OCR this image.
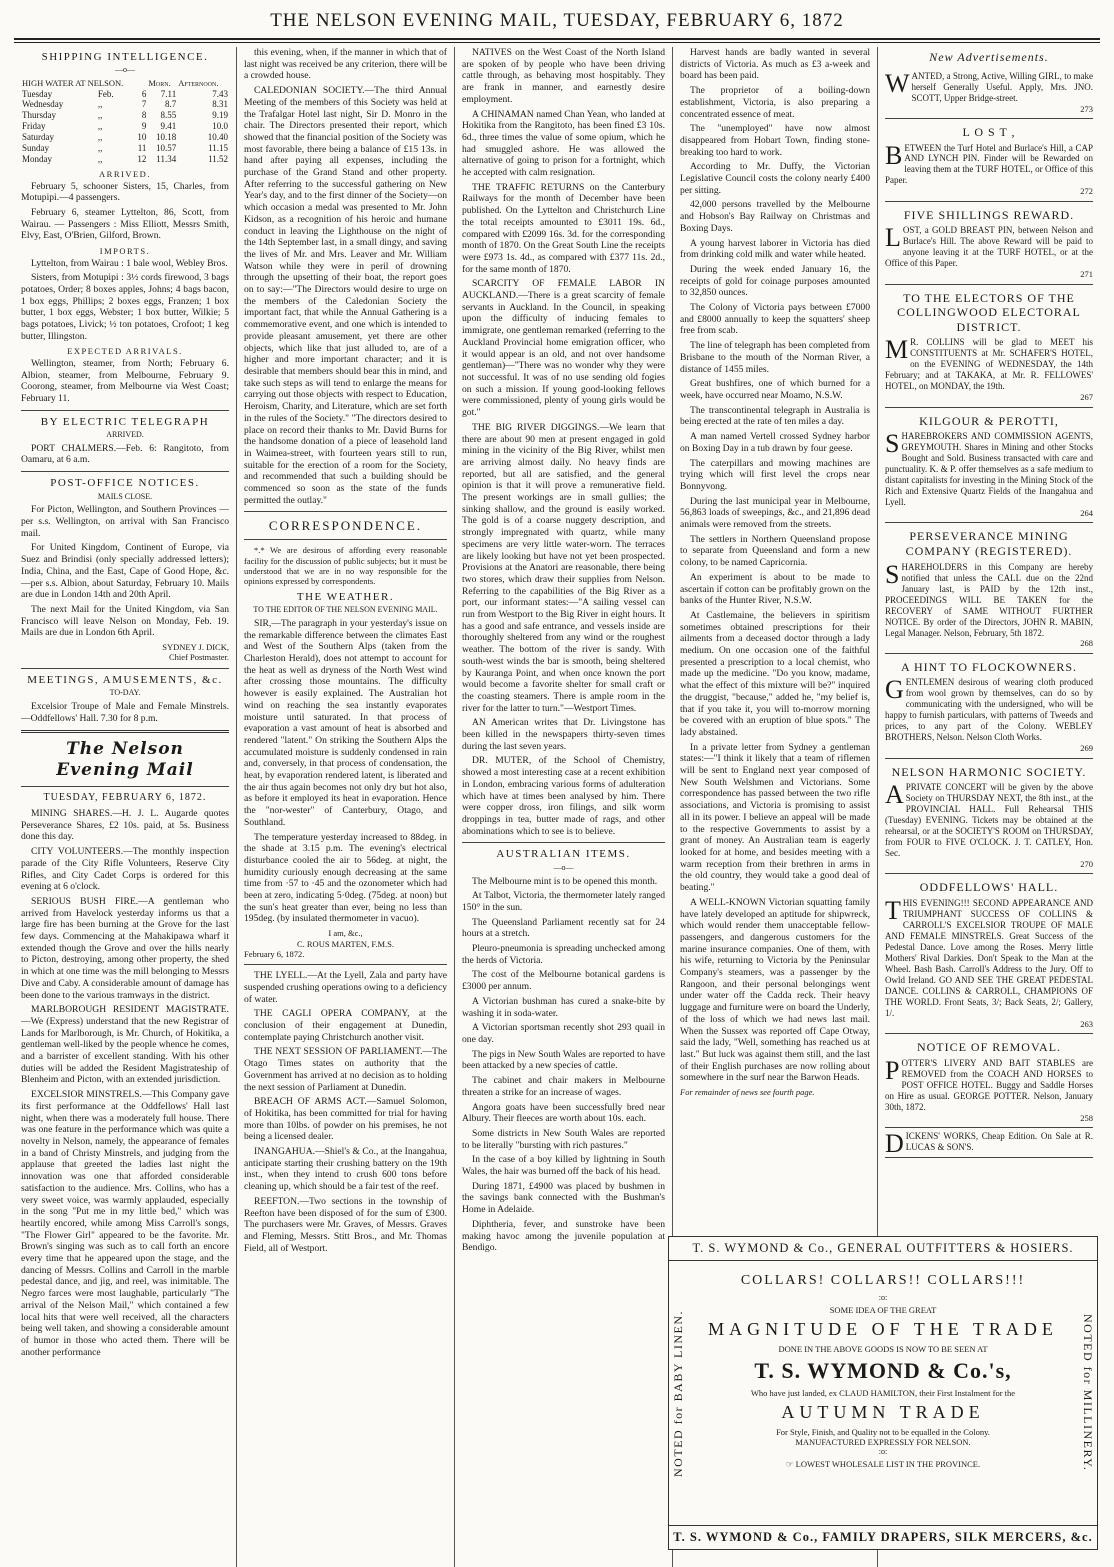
THE NELSON EVENING MAIL, TUESDAY, FEBRUARY 6, 1872
SHIPPING INTELLIGENCE.
—o—
HIGH WATER AT NELSON.			Morn.	Afternoon.
Tuesday	Feb.	6	7.11	7.43
Wednesday	,,	7	8.7	8.31
Thursday	,,	8	8.55	9.19
Friday	,,	9	9.41	10.0
Saturday	,,	10	10.18	10.40
Sunday	,,	11	10.57	11.15
Monday	,,	12	11.34	11.52
ARRIVED.

February 5, schooner Sisters, 15, Charles, from Motupipi.—4 passengers.

February 6, steamer Lyttelton, 86, Scott, from Wairau. — Passengers : Miss Elliott, Messrs Smith, Elvy, East, O'Brien, Gilford, Brown.

IMPORTS.

Lyttelton, from Wairau : 1 bale wool, Webley Bros.

Sisters, from Motupipi : 3½ cords firewood, 3 bags potatoes, Order; 8 boxes apples, Johns; 4 bags bacon, 1 box eggs, Phillips; 2 boxes eggs, Franzen; 1 box butter, 1 box eggs, Webster; 1 box butter, Wilkie; 5 bags potatoes, Livick; ½ ton potatoes, Crofoot; 1 keg butter, Illingston.

EXPECTED ARRIVALS.

Wellington, steamer, from North; February 6. Albion, steamer, from Melbourne, February 9. Coorong, steamer, from Melbourne via West Coast; February 11.

BY ELECTRIC TELEGRAPH
ARRIVED.

PORT CHALMERS.—Feb. 6: Rangitoto, from Oamaru, at 6 a.m.

POST-OFFICE NOTICES.
MAILS CLOSE.

For Picton, Wellington, and Southern Provinces —per s.s. Wellington, on arrival with San Francisco mail.

For United Kingdom, Continent of Europe, via Suez and Brindisi (only specially addressed letters); India, China, and the East, Cape of Good Hope, &c.—per s.s. Albion, about Saturday, February 10. Mails are due in London 14th and 20th April.

The next Mail for the United Kingdom, via San Francisco will leave Nelson on Monday, Feb. 19. Mails are due in London 6th April.

SYDNEY J. DICK,
Chief Postmaster.
MEETINGS, AMUSEMENTS, &c.
TO-DAY.

Excelsior Troupe of Male and Female Minstrels. —Oddfellows' Hall. 7.30 for 8 p.m.

The Nelson Evening Mail
TUESDAY, FEBRUARY 6, 1872.

MINING SHARES.—H. J. L. Augarde quotes Perseverance Shares, £2 10s. paid, at 5s. Business done this day.

CITY VOLUNTEERS.—The monthly inspection parade of the City Rifle Volunteers, Reserve City Rifles, and City Cadet Corps is ordered for this evening at 6 o'clock.

SERIOUS BUSH FIRE.—A gentleman who arrived from Havelock yesterday informs us that a large fire has been burning at the Grove for the last few days. Commencing at the Mahakipawa wharf it extended though the Grove and over the hills nearly to Picton, destroying, among other property, the shed in which at one time was the mill belonging to Messrs Dive and Caby. A considerable amount of damage has been done to the various tramways in the district.

MARLBOROUGH RESIDENT MAGISTRATE.—We (Express) understand that the new Registrar of Lands for Marlborough, is Mr. Church, of Hokitika, a gentleman well-liked by the people whence he comes, and a barrister of excellent standing. With his other duties will be added the Resident Magistrateship of Blenheim and Picton, with an extended jurisdiction.

EXCELSIOR MINSTRELS.—This Company gave its first performance at the Oddfellows' Hall last night, when there was a moderately full house. There was one feature in the performance which was quite a novelty in Nelson, namely, the appearance of females in a band of Christy Minstrels, and judging from the applause that greeted the ladies last night the innovation was one that afforded considerable satisfaction to the audience. Mrs. Collins, who has a very sweet voice, was warmly applauded, especially in the song "Put me in my little bed," which was heartily encored, while among Miss Carroll's songs, "The Flower Girl" appeared to be the favorite. Mr. Brown's singing was such as to call forth an encore every time that he appeared upon the stage, and the dancing of Messrs. Collins and Carroll in the marble pedestal dance, and jig, and reel, was inimitable. The Negro farces were most laughable, particularly "The arrival of the Nelson Mail," which contained a few local hits that were well received, all the characters being well taken, and showing a considerable amount of humor in those who acted them. There will be another performance

this evening, when, if the manner in which that of last night was received be any criterion, there will be a crowded house.

CALEDONIAN SOCIETY.—The third Annual Meeting of the members of this Society was held at the Trafalgar Hotel last night, Sir D. Monro in the chair. The Directors presented their report, which showed that the financial position of the Society was most favorable, there being a balance of £15 13s. in hand after paying all expenses, including the purchase of the Grand Stand and other property. After referring to the successful gathering on New Year's day, and to the first dinner of the Society—on which occasion a medal was presented to Mr. John Kidson, as a recognition of his heroic and humane conduct in leaving the Lighthouse on the night of the 14th September last, in a small dingy, and saving the lives of Mr. and Mrs. Leaver and Mr. William Watson while they were in peril of drowning through the upsetting of their boat, the report goes on to say:—"The Directors would desire to urge on the members of the Caledonian Society the important fact, that while the Annual Gathering is a commemorative event, and one which is intended to provide pleasant amusement, yet there are other objects, which like that just alluded to, are of a higher and more important character; and it is desirable that members should bear this in mind, and take such steps as will tend to enlarge the means for carrying out those objects with respect to Education, Heroism, Charity, and Literature, which are set forth in the rules of the Society." "The directors desired to place on record their thanks to Mr. David Burns for the handsome donation of a piece of leasehold land in Waimea-street, with fourteen years still to run, suitable for the erection of a room for the Society, and recommended that such a building should be commenced so soon as the state of the funds permitted the outlay."

CORRESPONDENCE.

*.* We are desirous of affording every reasonable facility for the discussion of public subjects; but it must be understood that we are in no way responsible for the opinions expressed by correspondents.

THE WEATHER.
TO THE EDITOR OF THE NELSON EVENING MAIL.

SIR,—The paragraph in your yesterday's issue on the remarkable difference between the climates East and West of the Southern Alps (taken from the Charleston Herald), does not attempt to account for the heat as well as dryness of the North West wind after crossing those mountains. The difficulty however is easily explained. The Australian hot wind on reaching the sea instantly evaporates moisture until saturated. In that process of evaporation a vast amount of heat is absorbed and rendered "latent." On striking the Southern Alps the accumulated moisture is suddenly condensed in rain and, conversely, in that process of condensation, the heat, by evaporation rendered latent, is liberated and the air thus again becomes not only dry but hot also, as before it employed its heat in evaporation. Hence the "nor-wester" of Canterbury, Otago, and Southland.

The temperature yesterday increased to 88deg. in the shade at 3.15 p.m. The evening's electrical disturbance cooled the air to 56deg. at night, the humidity curiously enough decreasing at the same time from ·57 to ·45 and the ozonometer which had been at zero, indicating 5·0deg. (75deg. at noon) but the sun's heat greater than ever, being no less than 195deg. (by insulated thermometer in vacuo).

I am, &c.,
C. ROUS MARTEN, F.M.S.
February 6, 1872.

THE LYELL.—At the Lyell, Zala and party have suspended crushing operations owing to a deficiency of water.

THE CAGLI OPERA COMPANY, at the conclusion of their engagement at Dunedin, contemplate paying Christchurch another visit.

THE NEXT SESSION OF PARLIAMENT.—The Otago Times states on authority that the Government has arrived at no decision as to holding the next session of Parliament at Dunedin.

BREACH OF ARMS ACT.—Samuel Solomon, of Hokitika, has been committed for trial for having more than 10lbs. of powder on his premises, he not being a licensed dealer.

INANGAHUA.—Shiel's & Co., at the Inangahua, anticipate starting their crushing battery on the 19th inst., when they intend to crush 600 tons before cleaning up, which should be a fair test of the reef.

REEFTON.—Two sections in the township of Reefton have been disposed of for the sum of £300. The purchasers were Mr. Graves, of Messrs. Graves and Fleming, Messrs. Stitt Bros., and Mr. Thomas Field, all of Westport.

NATIVES on the West Coast of the North Island are spoken of by people who have been driving cattle through, as behaving most hospitably. They are frank in manner, and earnestly desire employment.

A CHINAMAN named Chan Yean, who landed at Hokitika from the Rangitoto, has been fined £3 10s. 6d., three times the value of some opium, which he had smuggled ashore. He was allowed the alternative of going to prison for a fortnight, which he accepted with calm resignation.

THE TRAFFIC RETURNS on the Canterbury Railways for the month of December have been published. On the Lyttelton and Christchurch Line the total receipts amounted to £3011 19s. 6d., compared with £2099 16s. 3d. for the corresponding month of 1870. On the Great South Line the receipts were £973 1s. 4d., as compared with £377 11s. 2d., for the same month of 1870.

SCARCITY OF FEMALE LABOR IN AUCKLAND.—There is a great scarcity of female servants in Auckland. In the Council, in speaking upon the difficulty of inducing females to immigrate, one gentleman remarked (referring to the Auckland Provincial home emigration officer, who it would appear is an old, and not over handsome gentleman)—"There was no wonder why they were not successful. It was of no use sending old fogies on such a mission. If young good-looking fellows were commissioned, plenty of young girls would be got."

THE BIG RIVER DIGGINGS.—We learn that there are about 90 men at present engaged in gold mining in the vicinity of the Big River, whilst men are arriving almost daily. No heavy finds are reported, but all are satisfied, and the general opinion is that it will prove a remunerative field. The present workings are in small gullies; the sinking shallow, and the ground is easily worked. The gold is of a coarse nuggety description, and strongly impregnated with quartz, while many specimens are very little water-worn. The terraces are likely looking but have not yet been prospected. Provisions at the Anatori are reasonable, there being two stores, which draw their supplies from Nelson. Referring to the capabilities of the Big River as a port, our informant states:—"A sailing vessel can run from Westport to the Big River in eight hours. It has a good and safe entrance, and vessels inside are thoroughly sheltered from any wind or the roughest weather. The bottom of the river is sandy. With south-west winds the bar is smooth, being sheltered by Kauranga Point, and when once known the port would become a favorite shelter for small craft or the coasting steamers. There is ample room in the river for the latter to turn."—Westport Times.

AN American writes that Dr. Livingstone has been killed in the newspapers thirty-seven times during the last seven years.

DR. MUTER, of the School of Chemistry, showed a most interesting case at a recent exhibition in London, embracing various forms of adulteration which have at times been analysed by him. There were copper dross, iron filings, and silk worm droppings in tea, butter made of rags, and other abominations which to see is to believe.

AUSTRALIAN ITEMS.
—o—

The Melbourne mint is to be opened this month.

At Talbot, Victoria, the thermometer lately ranged 150° in the sun.

The Queensland Parliament recently sat for 24 hours at a stretch.

Pleuro-pneumonia is spreading unchecked among the herds of Victoria.

The cost of the Melbourne botanical gardens is £3000 per annum.

A Victorian bushman has cured a snake-bite by washing it in soda-water.

A Victorian sportsman recently shot 293 quail in one day.

The pigs in New South Wales are reported to have been attacked by a new species of cattle.

The cabinet and chair makers in Melbourne threaten a strike for an increase of wages.

Angora goats have been successfully bred near Albury. Their fleeces are worth about 10s. each.

Some districts in New South Wales are reported to be literally "bursting with rich pastures."

In the case of a boy killed by lightning in South Wales, the hair was burned off the back of his head.

During 1871, £4900 was placed by bushmen in the savings bank connected with the Bushman's Home in Adelaide.

Diphtheria, fever, and sunstroke have been making havoc among the juvenile population at Bendigo.

Harvest hands are badly wanted in several districts of Victoria. As much as £3 a-week and board has been paid.

The proprietor of a boiling-down establishment, Victoria, is also preparing a concentrated essence of meat.

The "unemployed" have now almost disappeared from Hobart Town, finding stone-breaking too hard to work.

According to Mr. Duffy, the Victorian Legislative Council costs the colony nearly £400 per sitting.

42,000 persons travelled by the Melbourne and Hobson's Bay Railway on Christmas and Boxing Days.

A young harvest laborer in Victoria has died from drinking cold milk and water while heated.

During the week ended January 16, the receipts of gold for coinage purposes amounted to 32,850 ounces.

The Colony of Victoria pays between £7000 and £8000 annually to keep the squatters' sheep free from scab.

The line of telegraph has been completed from Brisbane to the mouth of the Norman River, a distance of 1455 miles.

Great bushfires, one of which burned for a week, have occurred near Moamo, N.S.W.

The transcontinental telegraph in Australia is being erected at the rate of ten miles a day.

A man named Vertell crossed Sydney harbor on Boxing Day in a tub drawn by four geese.

The caterpillars and mowing machines are trying which will first level the crops near Bonnyvong.

During the last municipal year in Melbourne, 56,863 loads of sweepings, &c., and 21,896 dead animals were removed from the streets.

The settlers in Northern Queensland propose to separate from Queensland and form a new colony, to be named Capricornia.

An experiment is about to be made to ascertain if cotton can be profitably grown on the banks of the Hunter River, N.S.W.

At Castlemaine, the believers in spiritism sometimes obtained prescriptions for their ailments from a deceased doctor through a lady medium. On one occasion one of the faithful presented a prescription to a local chemist, who made up the medicine. "Do you know, madame, what the effect of this mixture will be?" inquired the druggist, "because," added he, "my belief is, that if you take it, you will to-morrow morning be covered with an eruption of blue spots." The lady abstained.

In a private letter from Sydney a gentleman states:—"I think it likely that a team of riflemen will be sent to England next year composed of New South Welshmen and Victorians. Some correspondence has passed between the two rifle associations, and Victoria is promising to assist all in its power. I believe an appeal will be made to the respective Governments to assist by a grant of money. An Australian team is eagerly looked for at home, and besides meeting with a warm reception from their brethren in arms in the old country, they would take a good deal of beating."

A WELL-KNOWN Victorian squatting family have lately developed an aptitude for shipwreck, which would render them unacceptable fellow-passengers, and dangerous customers for the marine insurance companies. One of them, with his wife, returning to Victoria by the Peninsular Company's steamers, was a passenger by the Rangoon, and their personal belongings went under water off the Cadda reck. Their heavy luggage and furniture were on board the Underly, of the loss of which we had news last mail. When the Sussex was reported off Cape Otway, said the lady, "Well, something has reached us at last." But luck was against them still, and the last of their English purchases are now rolling about somewhere in the surf near the Barwon Heads.

For remainder of news see fourth page.
New Advertisements.
WANTED, a Strong, Active, Willing GIRL, to make herself Generally Useful. Apply, Mrs. JNO. SCOTT, Upper Bridge-street.
273
L O S T ,
BETWEEN the Turf Hotel and Burlace's Hill, a CAP AND LYNCH PIN. Finder will be Rewarded on leaving them at the TURF HOTEL, or Office of this Paper.
272
FIVE SHILLINGS REWARD.
LOST, a GOLD BREAST PIN, between Nelson and Burlace's Hill. The above Reward will be paid to anyone leaving it at the TURF HOTEL, or at the Office of this Paper.
271
TO THE ELECTORS OF THE COLLINGWOOD ELECTORAL DISTRICT.
M R. COLLINS will be glad to MEET his CONSTITUENTS at Mr. SCHAFER'S HOTEL, on the EVENING of WEDNESDAY, the 14th February; and at TAKAKA, at Mr. R. FELLOWES' HOTEL, on MONDAY, the 19th.
267
KILGOUR & PEROTTI,
SHAREBROKERS AND COMMISSION AGENTS, GREYMOUTH. Shares in Mining and other Stocks Bought and Sold. Business transacted with care and punctuality. K. & P. offer themselves as a safe medium to distant capitalists for investing in the Mining Stock of the Rich and Extensive Quartz Fields of the Inangahua and Lyell.
264
PERSEVERANCE MINING COMPANY (REGISTERED).
SHAREHOLDERS in this Company are hereby notified that unless the CALL due on the 22nd January last, is PAID by the 12th inst., PROCEEDINGS WILL BE TAKEN for the RECOVERY of SAME WITHOUT FURTHER NOTICE. By order of the Directors, JOHN R. MABIN, Legal Manager. Nelson, February, 5th 1872.
268
A HINT TO FLOCKOWNERS.
GENTLEMEN desirous of wearing cloth produced from wool grown by themselves, can do so by communicating with the undersigned, who will be happy to furnish particulars, with patterns of Tweeds and prices, to any part of the Colony. WEBLEY BROTHERS, Nelson. Nelson Cloth Works.
269
NELSON HARMONIC SOCIETY.
A PRIVATE CONCERT will be given by the above Society on THURSDAY NEXT, the 8th inst., at the PROVINCIAL HALL. Full Rehearsal THIS (Tuesday) EVENING. Tickets may be obtained at the rehearsal, or at the SOCIETY'S ROOM on THURSDAY, from FOUR to FIVE O'CLOCK. J. T. CATLEY, Hon. Sec.
270
ODDFELLOWS' HALL.
THIS EVENING!!! SECOND APPEARANCE AND TRIUMPHANT SUCCESS OF COLLINS & CARROLL'S EXCELSIOR TROUPE OF MALE AND FEMALE MINSTRELS. Great Success of the Pedestal Dance. Love among the Roses. Merry little Mothers' Rival Darkies. Don't Speak to the Man at the Wheel. Bash Bash. Carroll's Address to the Jury. Off to Owld Ireland. GO AND SEE THE GREAT PEDESTAL DANCE. COLLINS & CARROLL, CHAMPIONS OF THE WORLD. Front Seats, 3/; Back Seats, 2/; Gallery, 1/.
263
NOTICE OF REMOVAL.
POTTER'S LIVERY AND BAIT STABLES are REMOVED from the COACH AND HORSES to POST OFFICE HOTEL. Buggy and Saddle Horses on Hire as usual. GEORGE POTTER. Nelson, January 30th, 1872.
258
DICKENS' WORKS, Cheap Edition. On Sale at R. LUCAS & SON'S.
T. S. WYMOND & Co., GENERAL OUTFITTERS & HOSIERS.
NOTED for BABY LINEN.	NOTED for MILLINERY.
COLLARS! COLLARS!! COLLARS!!!
:o:
SOME IDEA OF THE GREAT
MAGNITUDE OF THE TRADE
DONE IN THE ABOVE GOODS IS NOW TO BE SEEN AT
T. S. WYMOND & Co.'s,
Who have just landed, ex CLAUD HAMILTON, their First Instalment for the
AUTUMN TRADE
For Style, Finish, and Quality not to be equalled in the Colony.
MANUFACTURED EXPRESSLY FOR NELSON.
:o:
☞ LOWEST WHOLESALE LIST IN THE PROVINCE.
T. S. WYMOND & Co., FAMILY DRAPERS, SILK MERCERS, &c.
